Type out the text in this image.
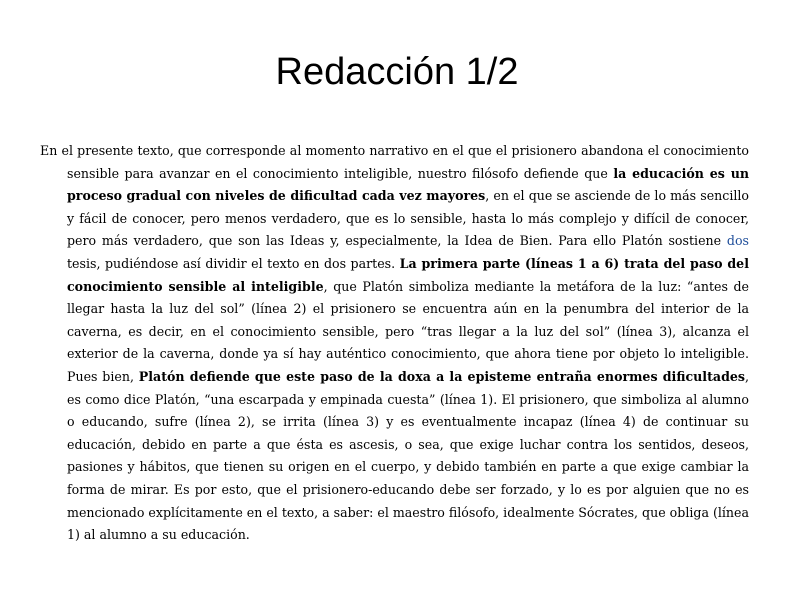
Redacción 1/2

En el presente texto, que corresponde al momento narrativo en el que el prisionero abandona el conocimiento sensible para avanzar en el conocimiento inteligible, nuestro filósofo defiende que la educación es un proceso gradual con niveles de dificultad cada vez mayores, en el que se asciende de lo más sencillo y fácil de conocer, pero menos verdadero, que es lo sensible, hasta lo más complejo y difícil de conocer, pero más verdadero, que son las Ideas y, especialmente, la Idea de Bien. Para ello Platón sostiene dos tesis, pudiéndose así dividir el texto en dos partes. La primera parte (líneas 1 a 6) trata del paso del conocimiento sensible al inteligible, que Platón simboliza mediante la metáfora de la luz: “antes de llegar hasta la luz del sol” (línea 2) el prisionero se encuentra aún en la penumbra del interior de la caverna, es decir, en el conocimiento sensible, pero “tras llegar a la luz del sol” (línea 3), alcanza el exterior de la caverna, donde ya sí hay auténtico conocimiento, que ahora tiene por objeto lo inteligible. Pues bien, Platón defiende que este paso de la doxa a la episteme entraña enormes dificultades, es como dice Platón, “una escarpada y empinada cuesta” (línea 1). El prisionero, que simboliza al alumno o educando, sufre (línea 2), se irrita (línea 3) y es eventualmente incapaz (línea 4) de continuar su educación, debido en parte a que ésta es ascesis, o sea, que exige luchar contra los sentidos, deseos, pasiones y hábitos, que tienen su origen en el cuerpo, y debido también en parte a que exige cambiar la forma de mirar. Es por esto, que el prisionero-educando debe ser forzado, y lo es por alguien que no es mencionado explícitamente en el texto, a saber: el maestro filósofo, idealmente Sócrates, que obliga (línea 1) al alumno a su educación.
